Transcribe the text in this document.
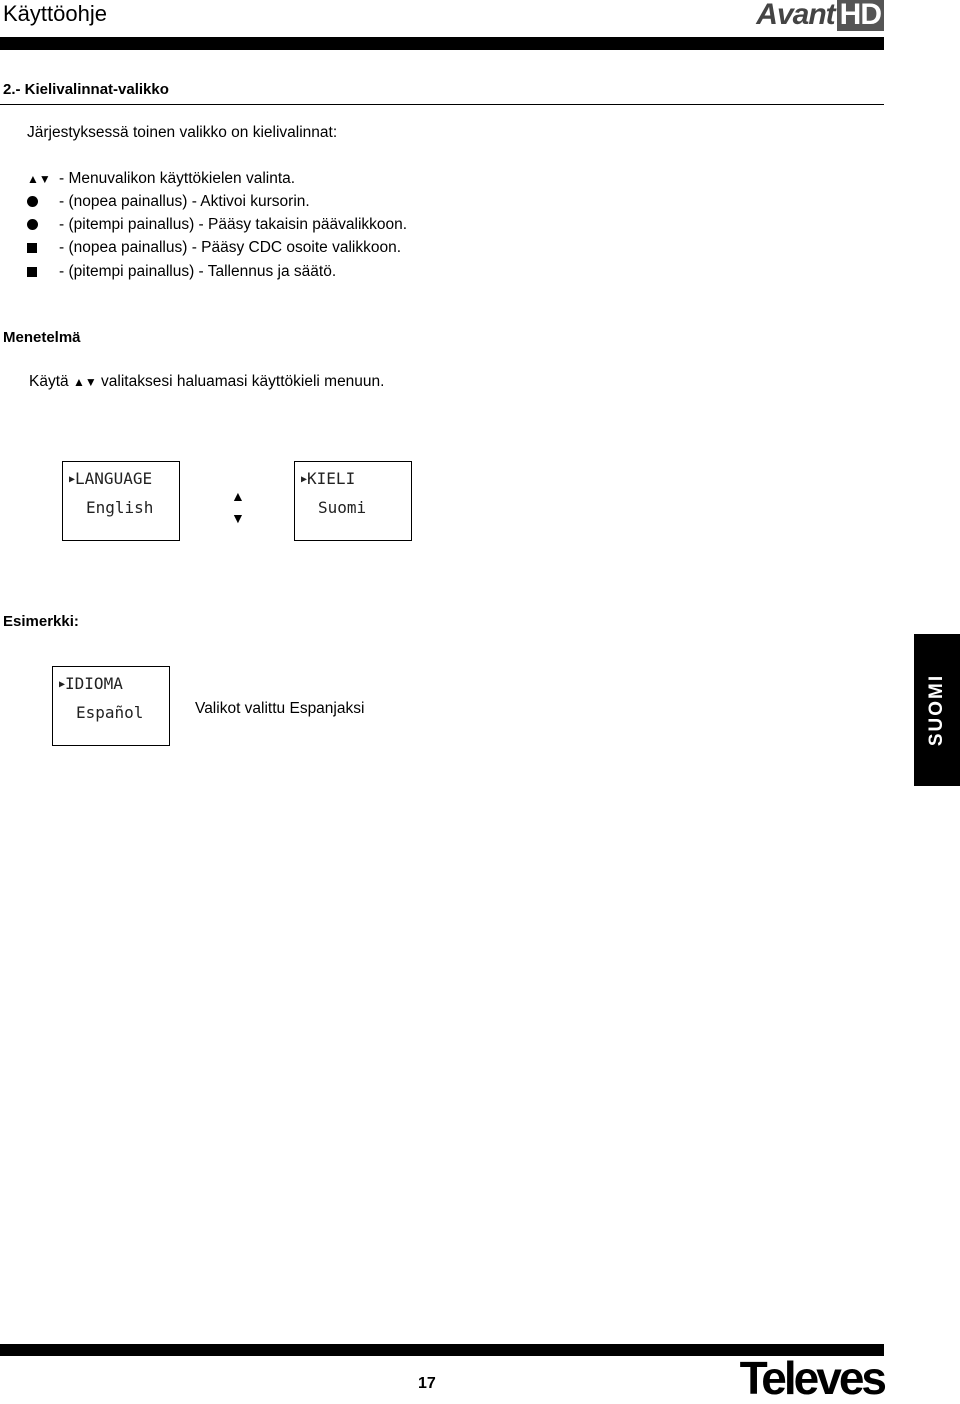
Käyttöohje	Avant HD
2.- Kielivalinnat-valikko
Järjestyksessä toinen valikko on kielivalinnat:
▲▼ - Menuvalikon käyttökielen valinta.
- (nopea painallus) - Aktivoi kursorin.
- (pitempi painallus) - Pääsy takaisin päävalikkoon.
- (nopea painallus) - Pääsy CDC osoite valikkoon.
- (pitempi painallus) - Tallennus ja säätö.
Menetelmä
Käytä ▲▼ valitaksesi haluamasi käyttökieli menuun.
▶LANGUAGE
English
▲
▼
▶KIELI
Suomi
Esimerkki:
▶IDIOMA
Español	Valikot valittu Espanjaksi	SUOMI
17	Televes
